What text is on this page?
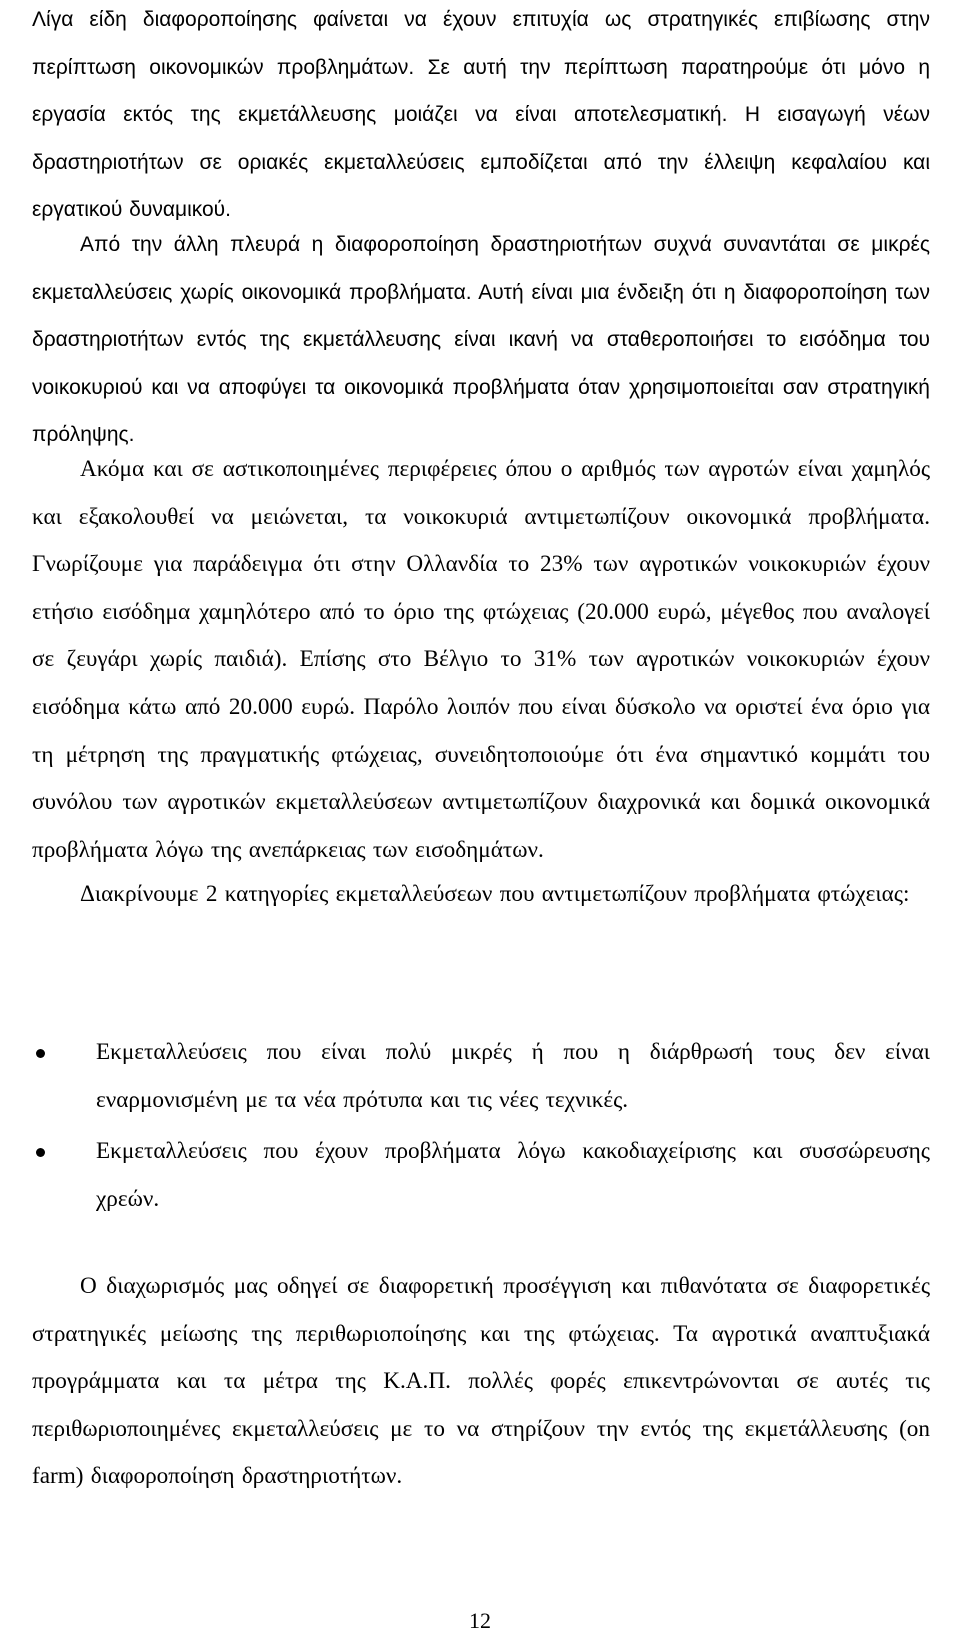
Λίγα είδη διαφοροποίησης φαίνεται να έχουν επιτυχία ως στρατηγικές επιβίωσης στην περίπτωση οικονομικών προβλημάτων. Σε αυτή την περίπτωση παρατηρούμε ότι μόνο η εργασία εκτός της εκμετάλλευσης μοιάζει να είναι αποτελεσματική. Η εισαγωγή νέων δραστηριοτήτων σε οριακές εκμεταλλεύσεις εμποδίζεται από την έλλειψη κεφαλαίου και εργατικού δυναμικού.

Από την άλλη πλευρά η διαφοροποίηση δραστηριοτήτων συχνά συναντάται σε μικρές εκμεταλλεύσεις χωρίς οικονομικά προβλήματα. Αυτή είναι μια ένδειξη ότι η διαφοροποίηση των δραστηριοτήτων εντός της εκμετάλλευσης είναι ικανή να σταθεροποιήσει το εισόδημα του νοικοκυριού και να αποφύγει τα οικονομικά προβλήματα όταν χρησιμοποιείται σαν στρατηγική πρόληψης.

Ακόμα και σε αστικοποιημένες περιφέρειες όπου ο αριθμός των αγροτών είναι χαμηλός και εξακολουθεί να μειώνεται, τα νοικοκυριά αντιμετωπίζουν οικονομικά προβλήματα. Γνωρίζουμε για παράδειγμα ότι στην Ολλανδία το 23% των αγροτικών νοικοκυριών έχουν ετήσιο εισόδημα χαμηλότερο από το όριο της φτώχειας (20.000 ευρώ, μέγεθος που αναλογεί σε ζευγάρι χωρίς παιδιά). Επίσης στο Βέλγιο το 31% των αγροτικών νοικοκυριών έχουν εισόδημα κάτω από 20.000 ευρώ. Παρόλο λοιπόν που είναι δύσκολο να οριστεί ένα όριο για τη μέτρηση της πραγματικής φτώχειας, συνειδητοποιούμε ότι ένα σημαντικό κομμάτι του συνόλου των αγροτικών εκμεταλλεύσεων αντιμετωπίζουν διαχρονικά και δομικά οικονομικά προβλήματα λόγω της ανεπάρκειας των εισοδημάτων.

Διακρίνουμε 2 κατηγορίες εκμεταλλεύσεων που αντιμετωπίζουν προβλήματα φτώχειας:

Εκμεταλλεύσεις που είναι πολύ μικρές ή που η διάρθρωσή τους δεν είναι εναρμονισμένη με τα νέα πρότυπα και τις νέες τεχνικές.
Εκμεταλλεύσεις που έχουν προβλήματα λόγω κακοδιαχείρισης και συσσώρευσης χρεών.

Ο διαχωρισμός μας οδηγεί σε διαφορετική προσέγγιση και πιθανότατα σε διαφορετικές στρατηγικές μείωσης της περιθωριοποίησης και της φτώχειας. Τα αγροτικά αναπτυξιακά προγράμματα και τα μέτρα της Κ.Α.Π. πολλές φορές επικεντρώνονται σε αυτές τις περιθωριοποιημένες εκμεταλλεύσεις με το να στηρίζουν την εντός της εκμετάλλευσης (on farm) διαφοροποίηση δραστηριοτήτων.

12
